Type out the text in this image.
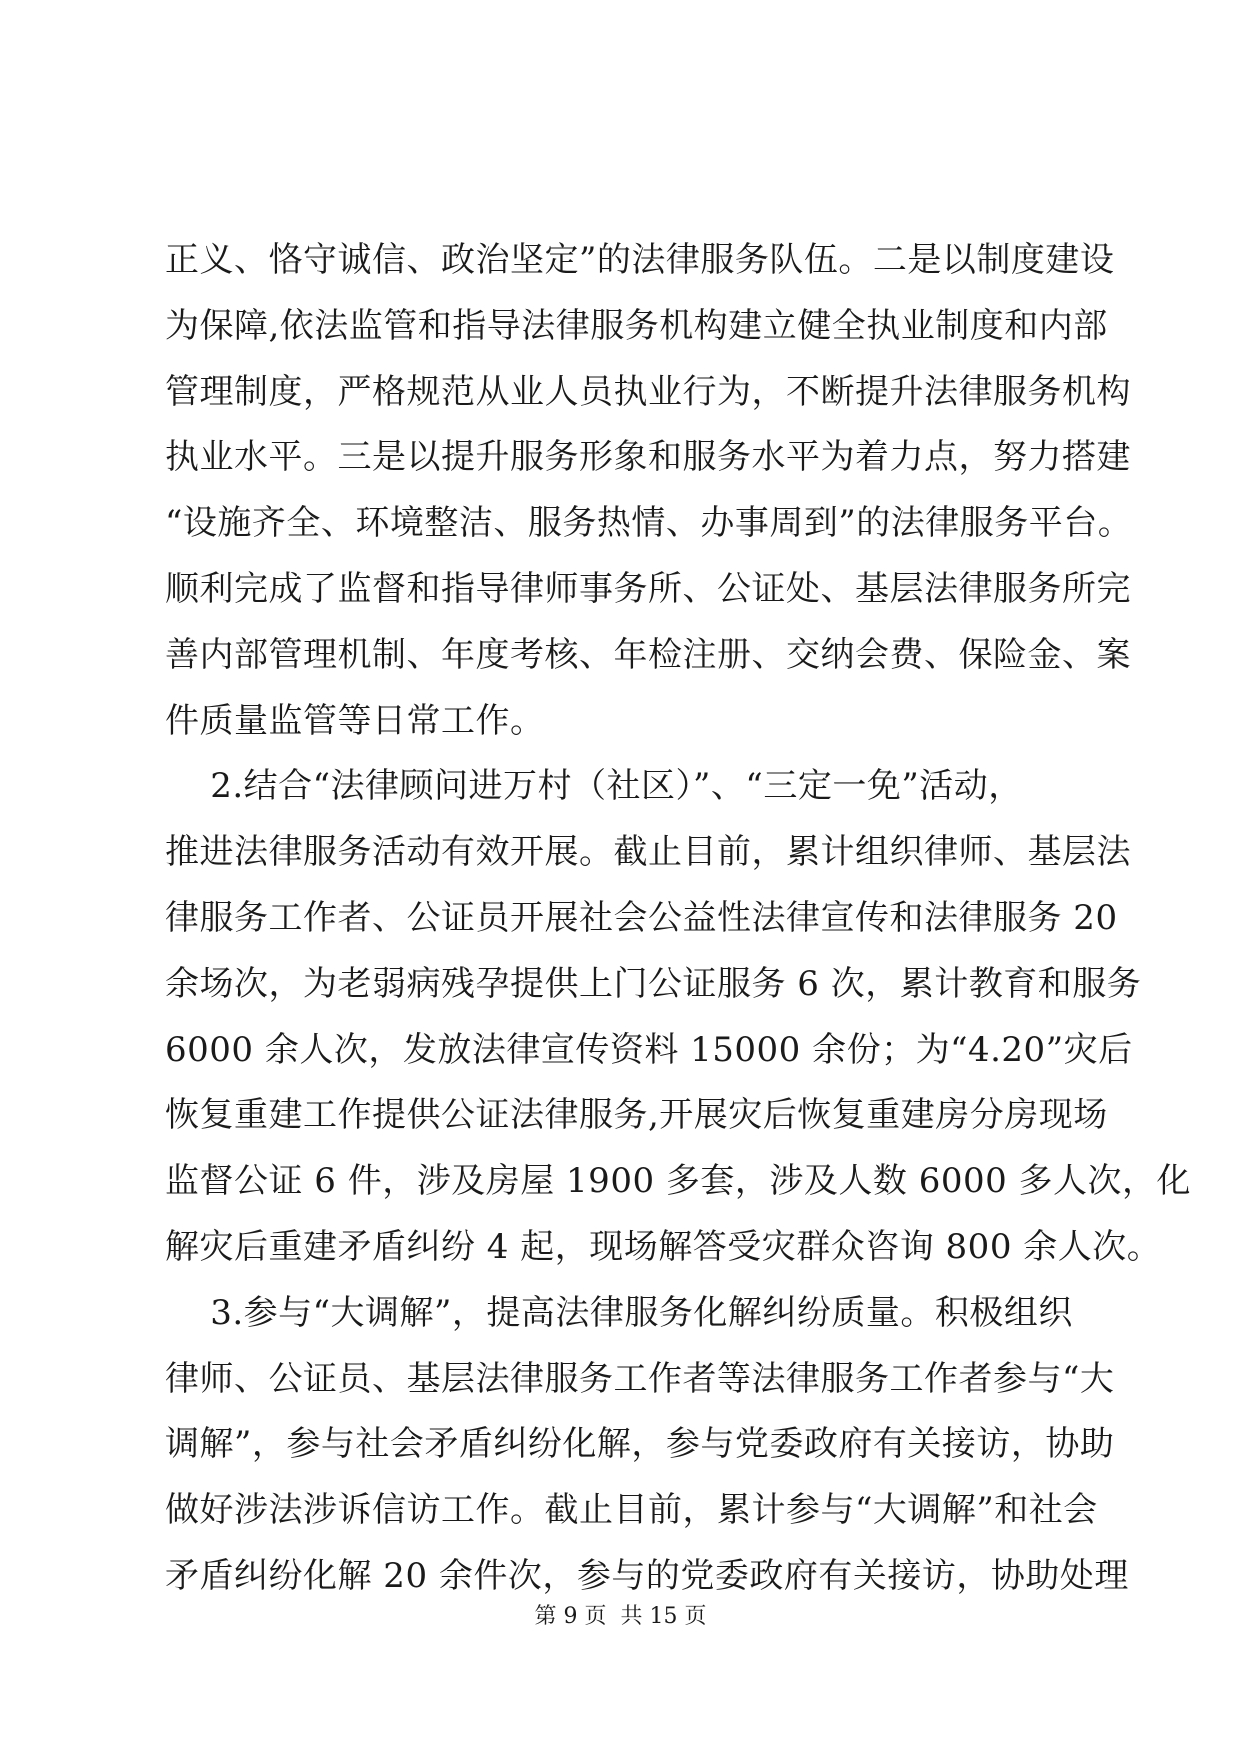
正义、恪守诚信、政治坚定”的法律服务队伍。二是以制度建设
为保障,依法监管和指导法律服务机构建立健全执业制度和内部
管理制度，严格规范从业人员执业行为，不断提升法律服务机构
执业水平。三是以提升服务形象和服务水平为着力点，努力搭建
“设施齐全、环境整洁、服务热情、办事周到”的法律服务平台。
顺利完成了监督和指导律师事务所、公证处、基层法律服务所完
善内部管理机制、年度考核、年检注册、交纳会费、保险金、案
件质量监管等日常工作。
2.结合“法律顾问进万村（社区）”、“三定一免”活动，
推进法律服务活动有效开展。截止目前，累计组织律师、基层法
律服务工作者、公证员开展社会公益性法律宣传和法律服务 20
余场次，为老弱病残孕提供上门公证服务 6 次，累计教育和服务
6000 余人次，发放法律宣传资料 15000 余份；为“4.20”灾后
恢复重建工作提供公证法律服务,开展灾后恢复重建房分房现场
监督公证 6 件，涉及房屋 1900 多套，涉及人数 6000 多人次，化
解灾后重建矛盾纠纷 4 起，现场解答受灾群众咨询 800 余人次。
3.参与“大调解”，提高法律服务化解纠纷质量。积极组织
律师、公证员、基层法律服务工作者等法律服务工作者参与“大
调解”，参与社会矛盾纠纷化解，参与党委政府有关接访，协助
做好涉法涉诉信访工作。截止目前，累计参与“大调解”和社会
矛盾纠纷化解 20 余件次，参与的党委政府有关接访，协助处理
第 9 页  共 15 页
